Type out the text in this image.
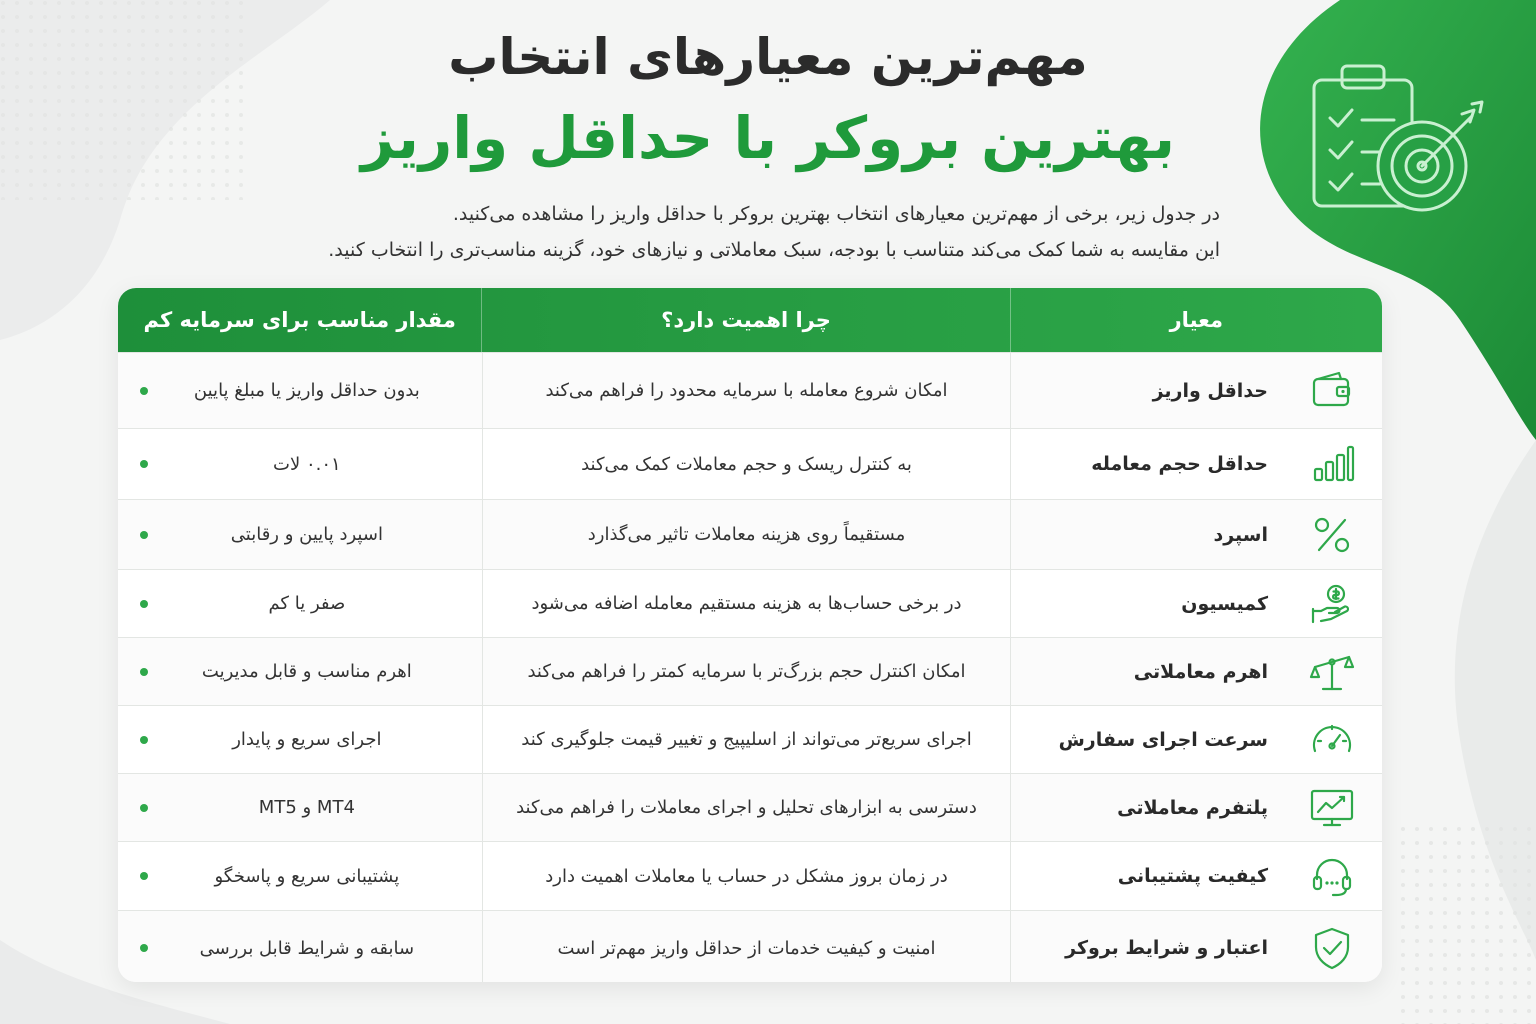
مهم‌ترین معیارهای انتخاب
بهترین بروکر با حداقل واریز
در جدول زیر، برخی از مهم‌ترین معیارهای انتخاب بهترین بروکر با حداقل واریز را مشاهده می‌کنید.
این مقایسه به شما کمک می‌کند متناسب با بودجه، سبک معاملاتی و نیازهای خود، گزینه مناسب‌تری را انتخاب کنید.
معیار
چرا اهمیت دارد؟
مقدار مناسب برای سرمایه کم
حداقل واریز
امکان شروع معامله با سرمایه محدود را فراهم می‌کند
بدون حداقل واریز یا مبلغ پایین
حداقل حجم معامله
به کنترل ریسک و حجم معاملات کمک می‌کند
۰.۰۱ لات
اسپرد
مستقیماً روی هزینه معاملات تاثیر می‌گذارد
اسپرد پایین و رقابتی
کمیسیون
در برخی حساب‌ها به هزینه مستقیم معامله اضافه می‌شود
صفر یا کم
اهرم معاملاتی
امکان اکنترل حجم بزرگ‌تر با سرمایه کمتر را فراهم می‌کند
اهرم مناسب و قابل مدیریت
سرعت اجرای سفارش
اجرای سریع‌تر می‌تواند از اسلیپیج و تغییر قیمت جلوگیری کند
اجرای سریع و پایدار
پلتفرم معاملاتی
دسترسی به ابزارهای تحلیل و اجرای معاملات را فراهم می‌کند
MT4 و MT5
کیفیت پشتیبانی
در زمان بروز مشکل در حساب یا معاملات اهمیت دارد
پشتیبانی سریع و پاسخگو
اعتبار و شرایط بروکر
امنیت و کیفیت خدمات از حداقل واریز مهم‌تر است
سابقه و شرایط قابل بررسی
